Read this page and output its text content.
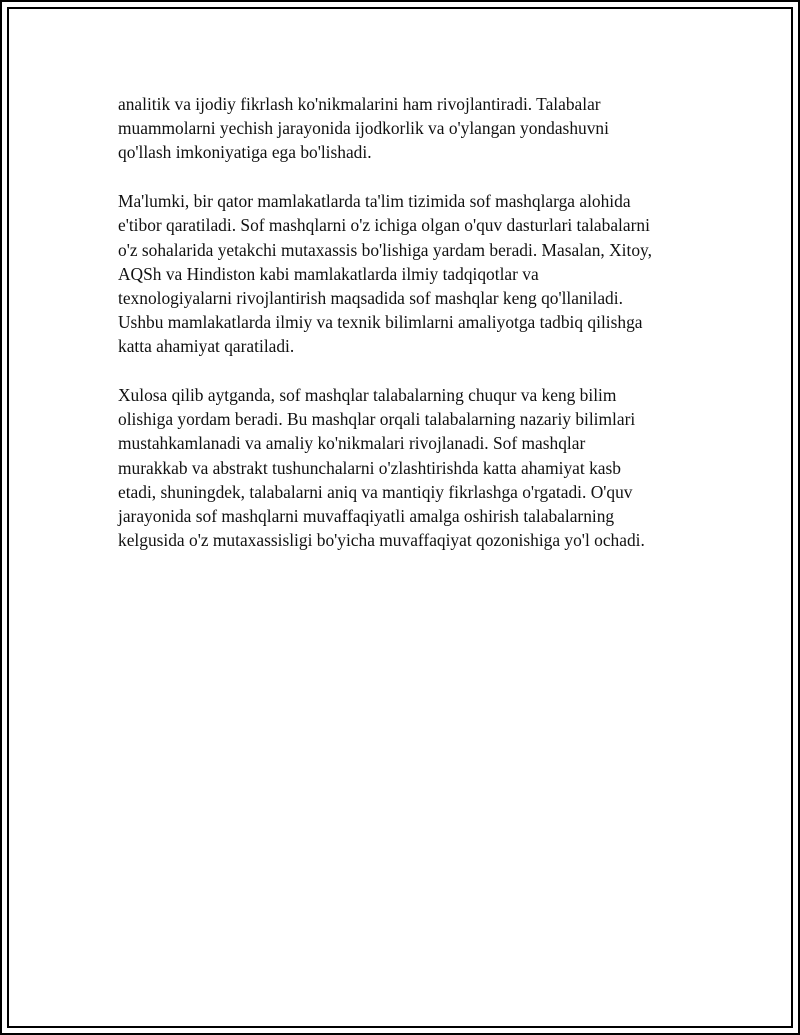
analitik va ijodiy fikrlash ko'nikmalarini ham rivojlantiradi. Talabalar
muammolarni yechish jarayonida ijodkorlik va o'ylangan yondashuvni
qo'llash imkoniyatiga ega bo'lishadi.

Ma'lumki, bir qator mamlakatlarda ta'lim tizimida sof mashqlarga alohida
e'tibor qaratiladi. Sof mashqlarni o'z ichiga olgan o'quv dasturlari talabalarni
o'z sohalarida yetakchi mutaxassis bo'lishiga yardam beradi. Masalan, Xitoy,
AQSh va Hindiston kabi mamlakatlarda ilmiy tadqiqotlar va
texnologiyalarni rivojlantirish maqsadida sof mashqlar keng qo'llaniladi.
Ushbu mamlakatlarda ilmiy va texnik bilimlarni amaliyotga tadbiq qilishga
katta ahamiyat qaratiladi.

Xulosa qilib aytganda, sof mashqlar talabalarning chuqur va keng bilim
olishiga yordam beradi. Bu mashqlar orqali talabalarning nazariy bilimlari
mustahkamlanadi va amaliy ko'nikmalari rivojlanadi. Sof mashqlar
murakkab va abstrakt tushunchalarni o'zlashtirishda katta ahamiyat kasb
etadi, shuningdek, talabalarni aniq va mantiqiy fikrlashga o'rgatadi. O'quv
jarayonida sof mashqlarni muvaffaqiyatli amalga oshirish talabalarning
kelgusida o'z mutaxassisligi bo'yicha muvaffaqiyat qozonishiga yo'l ochadi.
